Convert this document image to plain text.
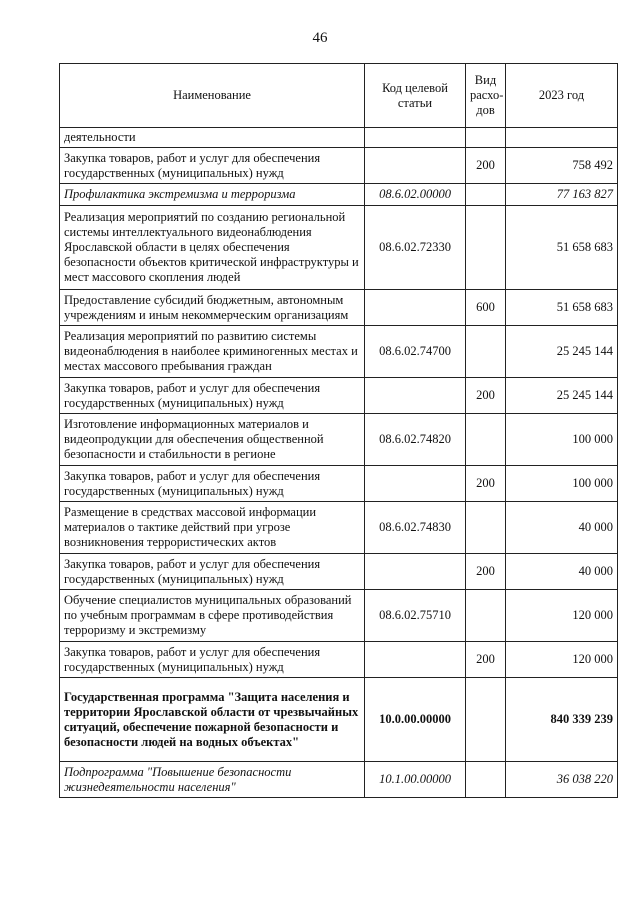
46
Наименование	Код целевой статьи	Вид расхо-дов	2023 год
деятельности			
Закупка товаров, работ и услуг для обеспечения государственных (муниципальных) нужд		200	758 492
Профилактика экстремизма и терроризма	08.6.02.00000		77 163 827
Реализация мероприятий по созданию региональной системы интеллектуального видеонаблюдения Ярославской области в целях обеспечения безопасности объектов критической инфраструктуры и мест массового скопления людей	08.6.02.72330		51 658 683
Предоставление субсидий бюджетным, автономным учреждениям и иным некоммерческим организациям		600	51 658 683
Реализация мероприятий по развитию системы видеонаблюдения в наиболее криминогенных местах и местах массового пребывания граждан	08.6.02.74700		25 245 144
Закупка товаров, работ и услуг для обеспечения государственных (муниципальных) нужд		200	25 245 144
Изготовление информационных материалов и видеопродукции для обеспечения общественной безопасности и стабильности в регионе	08.6.02.74820		100 000
Закупка товаров, работ и услуг для обеспечения государственных (муниципальных) нужд		200	100 000
Размещение в средствах массовой информации материалов о тактике действий при угрозе возникновения террористических актов	08.6.02.74830		40 000
Закупка товаров, работ и услуг для обеспечения государственных (муниципальных) нужд		200	40 000
Обучение специалистов муниципальных образований по учебным программам в сфере противодействия терроризму и экстремизму	08.6.02.75710		120 000
Закупка товаров, работ и услуг для обеспечения государственных (муниципальных) нужд		200	120 000
Государственная программа "Защита населения и территории Ярославской области от чрезвычайных ситуаций, обеспечение пожарной безопасности и безопасности людей на водных объектах"	10.0.00.00000		840 339 239
Подпрограмма "Повышение безопасности жизнедеятельности населения"	10.1.00.00000		36 038 220
